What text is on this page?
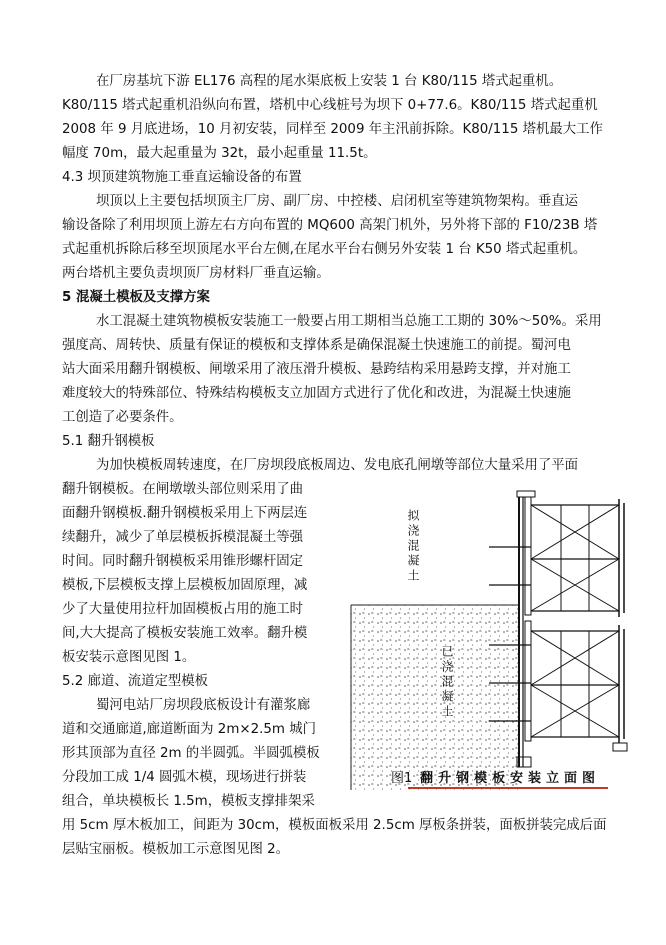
在厂房基坑下游 EL176 高程的尾水渠底板上安装 1 台 K80/115 塔式起重机。
K80/115 塔式起重机沿纵向布置，塔机中心线桩号为坝下 0+77.6。K80/115 塔式起重机
2008 年 9 月底进场，10 月初安装，同样至 2009 年主汛前拆除。K80/115 塔机最大工作
幅度 70m，最大起重量为 32t，最小起重量 11.5t。
4.3 坝顶建筑物施工垂直运输设备的布置
坝顶以上主要包括坝顶主厂房、副厂房、中控楼、启闭机室等建筑物架构。垂直运
输设备除了利用坝顶上游左右方向布置的 MQ600 高架门机外，另外将下部的 F10/23B 塔
式起重机拆除后移至坝顶尾水平台左侧,在尾水平台右侧另外安装 1 台 K50 塔式起重机。
两台塔机主要负责坝顶厂房材料厂垂直运输。
5 混凝土模板及支撑方案
水工混凝土建筑物模板安装施工一般要占用工期相当总施工工期的 30%～50%。采用
强度高、周转快、质量有保证的模板和支撑体系是确保混凝土快速施工的前提。蜀河电
站大面采用翻升钢模板、闸墩采用了液压滑升模板、悬跨结构采用悬跨支撑，并对施工
难度较大的特殊部位、特殊结构模板支立加固方式进行了优化和改进，为混凝土快速施
工创造了必要条件。
5.1 翻升钢模板
为加快模板周转速度，在厂房坝段底板周边、发电底孔闸墩等部位大量采用了平面
翻升钢模板。在闸墩墩头部位则采用了曲
面翻升钢模板.翻升钢模板采用上下两层连
续翻升，减少了单层模板拆模混凝土等强
时间。同时翻升钢模板采用锥形螺杆固定
模板,下层模板支撑上层模板加固原理，减
少了大量使用拉杆加固模板占用的施工时
间,大大提高了模板安装施工效率。翻升模
板安装示意图见图 1。
5.2 廊道、流道定型模板
蜀河电站厂房坝段底板设计有灌浆廊
道和交通廊道,廊道断面为 2m×2.5m 城门
形其顶部为直径 2m 的半圆弧。半圆弧模板
分段加工成 1/4 圆弧木模，现场进行拼装
组合，单块模板长 1.5m，模板支撑排架采
用 5cm 厚木板加工，间距为 30cm，模板面板采用 2.5cm 厚板条拼装，面板拼装完成后面
层贴宝丽板。模板加工示意图见图 2。
拟浇混凝土
已浇混凝土
图1 翻升钢模板安装立面图
